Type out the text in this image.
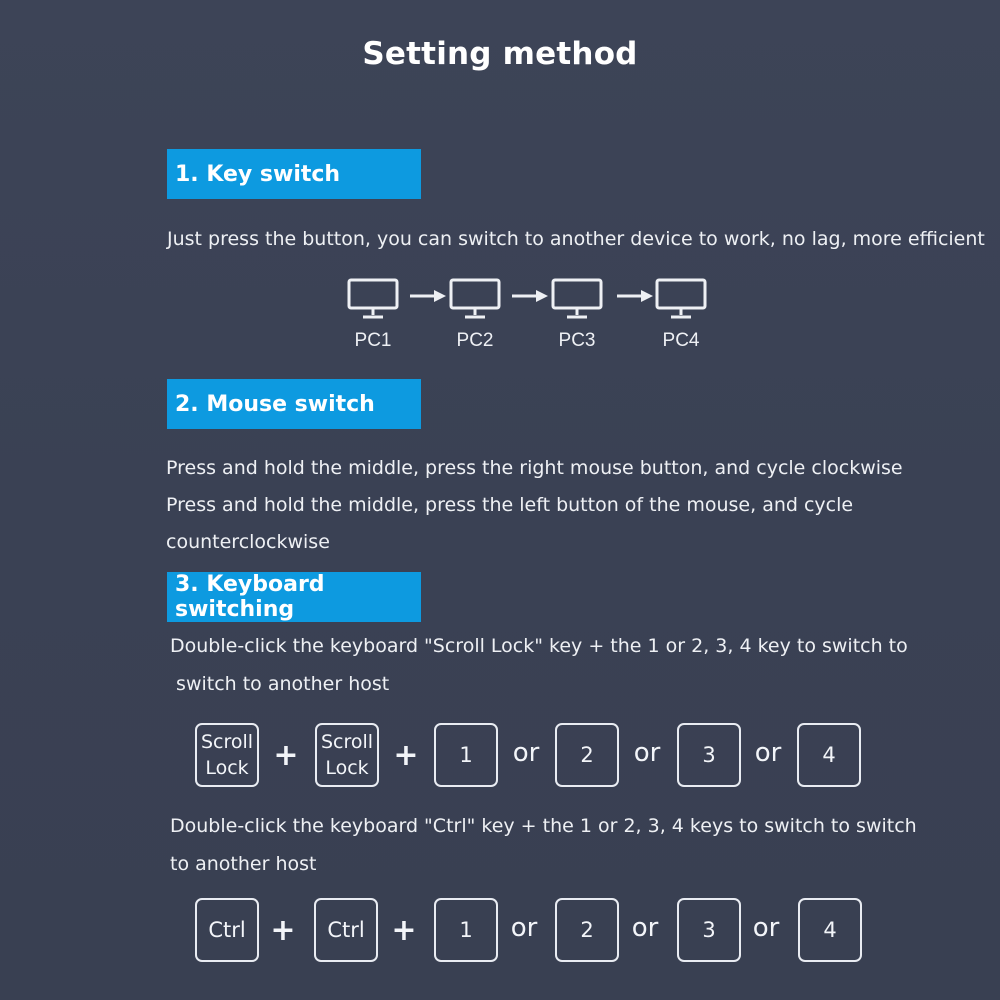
Setting method
1. Key switch
Just press the button, you can switch to another device to work, no lag, more efficient
PC1	PC2	PC3	PC4
2. Mouse switch
Press and hold the middle, press the right mouse button, and cycle clockwise
Press and hold the middle, press the left button of the mouse, and cycle
counterclockwise
3. Keyboard switching
Double-click the keyboard "Scroll Lock" key + the 1 or 2, 3, 4 key to switch to
switch to another host
Scroll
Lock +	Scroll
Lock +	1	or	2	or	3	or	4
Double-click the keyboard "Ctrl" key + the 1 or 2, 3, 4 keys to switch to switch
to another host
Ctrl +	Ctrl +	1	or	2	or	3	or	4
